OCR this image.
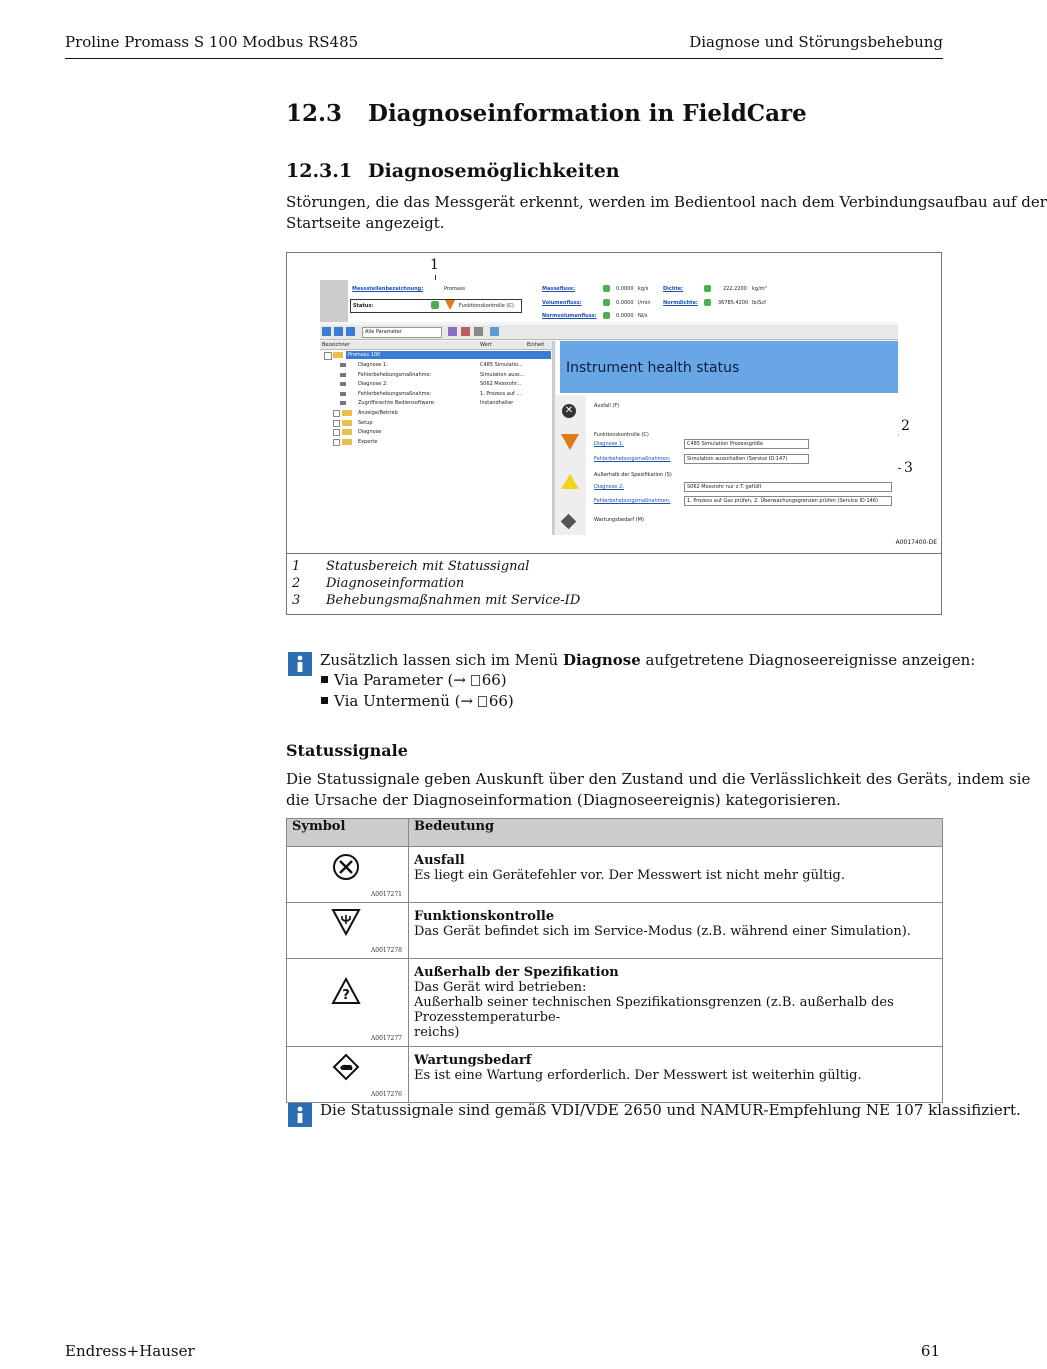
Proline Promass S 100 Modbus RS485	Diagnose und Störungsbehebung
12.3 Diagnoseinformation in FieldCare
12.3.1 Diagnosemöglichkeiten
Störungen, die das Messgerät erkennt, werden im Bedientool nach dem Verbindungsaufbau auf der
Startseite angezeigt.
1
2
3
Messstellenbezeichnung:	Promass
Status:	Funktionskontrolle (C)
Massefluss:	0.0000 kg/s
Volumenfluss:	0.0000 l/min
Normvolumenfluss:	0.0000 Nl/s
Dichte:	222.2200 kg/m³
Normdichte:	36785.4200 lb/Scf
Alle Parameter
Bezeichner	Wert	Einheit
Promass 100
Diagnose 1:	C485 Simulatio...
Fehlerbehebungsmaßnahme:	Simulation auss...
Diagnose 2:	S062 Messrohr...
Fehlerbehebungsmaßnahme:	1. Prozess auf ...
Zugriffsrechte Bediensoftware:	Instandhalter
Anzeige/Betrieb
Setup
Diagnose
Experte
Instrument health status
✕	Ausfall (F)
Funktionskontrolle (C)
Diagnose 1:	C485 Simulation Prozessgröße
Fehlerbehebungsmaßnahmen:	Simulation ausschalten (Service ID:147)
Außerhalb der Spezifikation (S)
Diagnose 2:	S062 Messrohr nur z.T. gefüllt
Fehlerbehebungsmaßnahmen:	1. Prozess auf Gas prüfen, 2. Überwachungsgrenzen prüfen (Service ID:146)
Wartungsbedarf (M)
A0017400-DE
1 Statusbereich mit Statussignal
2 Diagnoseinformation
3 Behebungsmaßnahmen mit Service-ID
Zusätzlich lassen sich im Menü Diagnose aufgetretene Diagnoseereignisse anzeigen:
Statussignale
Die Statussignale geben Auskunft über den Zustand und die Verlässlichkeit des Geräts, indem sie
die Ursache der Diagnoseinformation (Diagnoseereignis) kategorisieren.
Symbol	Bedeutung

A0017271	Ausfall
Es liegt ein Gerätefehler vor. Der Messwert ist nicht mehr gültig.

A0017278	Funktionskontrolle
Das Gerät befindet sich im Service-Modus (z.B. während einer Simulation).

?
A0017277	Außerhalb der Spezifikation
Das Gerät wird betrieben:
Außerhalb seiner technischen Spezifikationsgrenzen (z.B. außerhalb des Prozesstemperaturbe-
reichs)

A0017276	Wartungsbedarf
Es ist eine Wartung erforderlich. Der Messwert ist weiterhin gültig.
Die Statussignale sind gemäß VDI/VDE 2650 und NAMUR-Empfehlung NE 107 klassifiziert.
Endress+Hauser	61
Via Parameter (→ 66)
Via Untermenü (→ 66)
